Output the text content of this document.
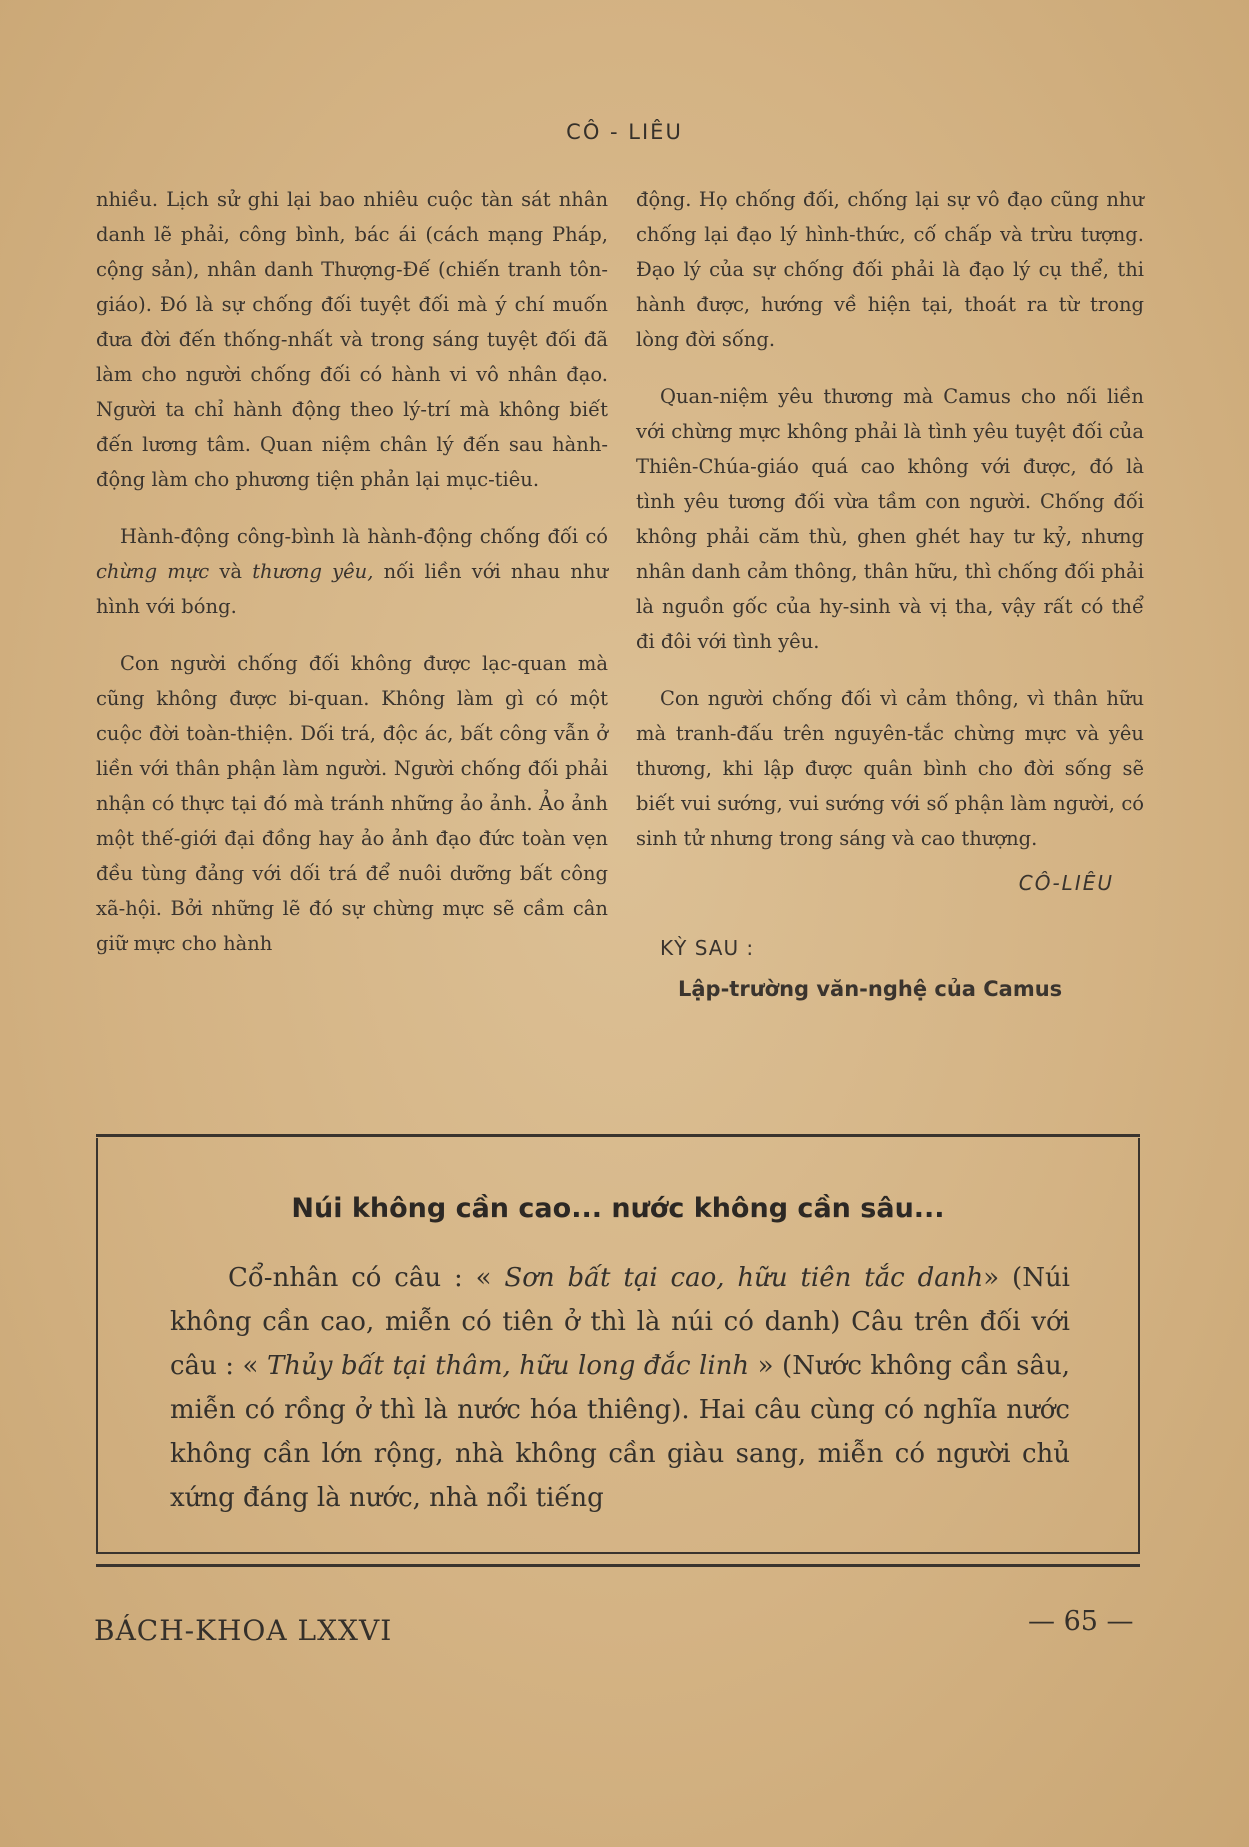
CÔ - LIÊU

nhiều. Lịch sử ghi lại bao nhiêu cuộc tàn sát nhân danh lẽ phải, công bình, bác ái (cách mạng Pháp, cộng sản), nhân danh Thượng-Đế (chiến tranh tôn-giáo). Đó là sự chống đối tuyệt đối mà ý chí muốn đưa đời đến thống-nhất và trong sáng tuyệt đối đã làm cho người chống đối có hành vi vô nhân đạo. Người ta chỉ hành động theo lý-trí mà không biết đến lương tâm. Quan niệm chân lý đến sau hành-động làm cho phương tiện phản lại mục-tiêu.

Hành-động công-bình là hành-động chống đối có chừng mực và thương yêu, nối liền với nhau như hình với bóng.

Con người chống đối không được lạc-quan mà cũng không được bi-quan. Không làm gì có một cuộc đời toàn-thiện. Dối trá, độc ác, bất công vẫn ở liền với thân phận làm người. Người chống đối phải nhận có thực tại đó mà tránh những ảo ảnh. Ảo ảnh một thế-giới đại đồng hay ảo ảnh đạo đức toàn vẹn đều tùng đảng với dối trá để nuôi dưỡng bất công xã-hội. Bởi những lẽ đó sự chừng mực sẽ cầm cân giữ mực cho hành

động. Họ chống đối, chống lại sự vô đạo cũng như chống lại đạo lý hình-thức, cố chấp và trừu tượng. Đạo lý của sự chống đối phải là đạo lý cụ thể, thi hành được, hướng về hiện tại, thoát ra từ trong lòng đời sống.

Quan-niệm yêu thương mà Camus cho nối liền với chừng mực không phải là tình yêu tuyệt đối của Thiên-Chúa-giáo quá cao không với được, đó là tình yêu tương đối vừa tầm con người. Chống đối không phải căm thù, ghen ghét hay tư kỷ, nhưng nhân danh cảm thông, thân hữu, thì chống đối phải là nguồn gốc của hy-sinh và vị tha, vậy rất có thể đi đôi với tình yêu.

Con người chống đối vì cảm thông, vì thân hữu mà tranh-đấu trên nguyên-tắc chừng mực và yêu thương, khi lập được quân bình cho đời sống sẽ biết vui sướng, vui sướng với số phận làm người, có sinh tử nhưng trong sáng và cao thượng.

CÔ-LIÊU
KỲ SAU :
Lập-trường văn-nghệ của Camus
Núi không cần cao... nước không cần sâu...
Cổ-nhân có câu : « Sơn bất tại cao, hữu tiên tắc danh» (Núi không cần cao, miễn có tiên ở thì là núi có danh) Câu trên đối với câu : « Thủy bất tại thâm, hữu long đắc linh » (Nước không cần sâu, miễn có rồng ở thì là nước hóa thiêng). Hai câu cùng có nghĩa nước không cần lớn rộng, nhà không cần giàu sang, miễn có người chủ xứng đáng là nước, nhà nổi tiếng
BÁCH-KHOA LXXVI	— 65 —
